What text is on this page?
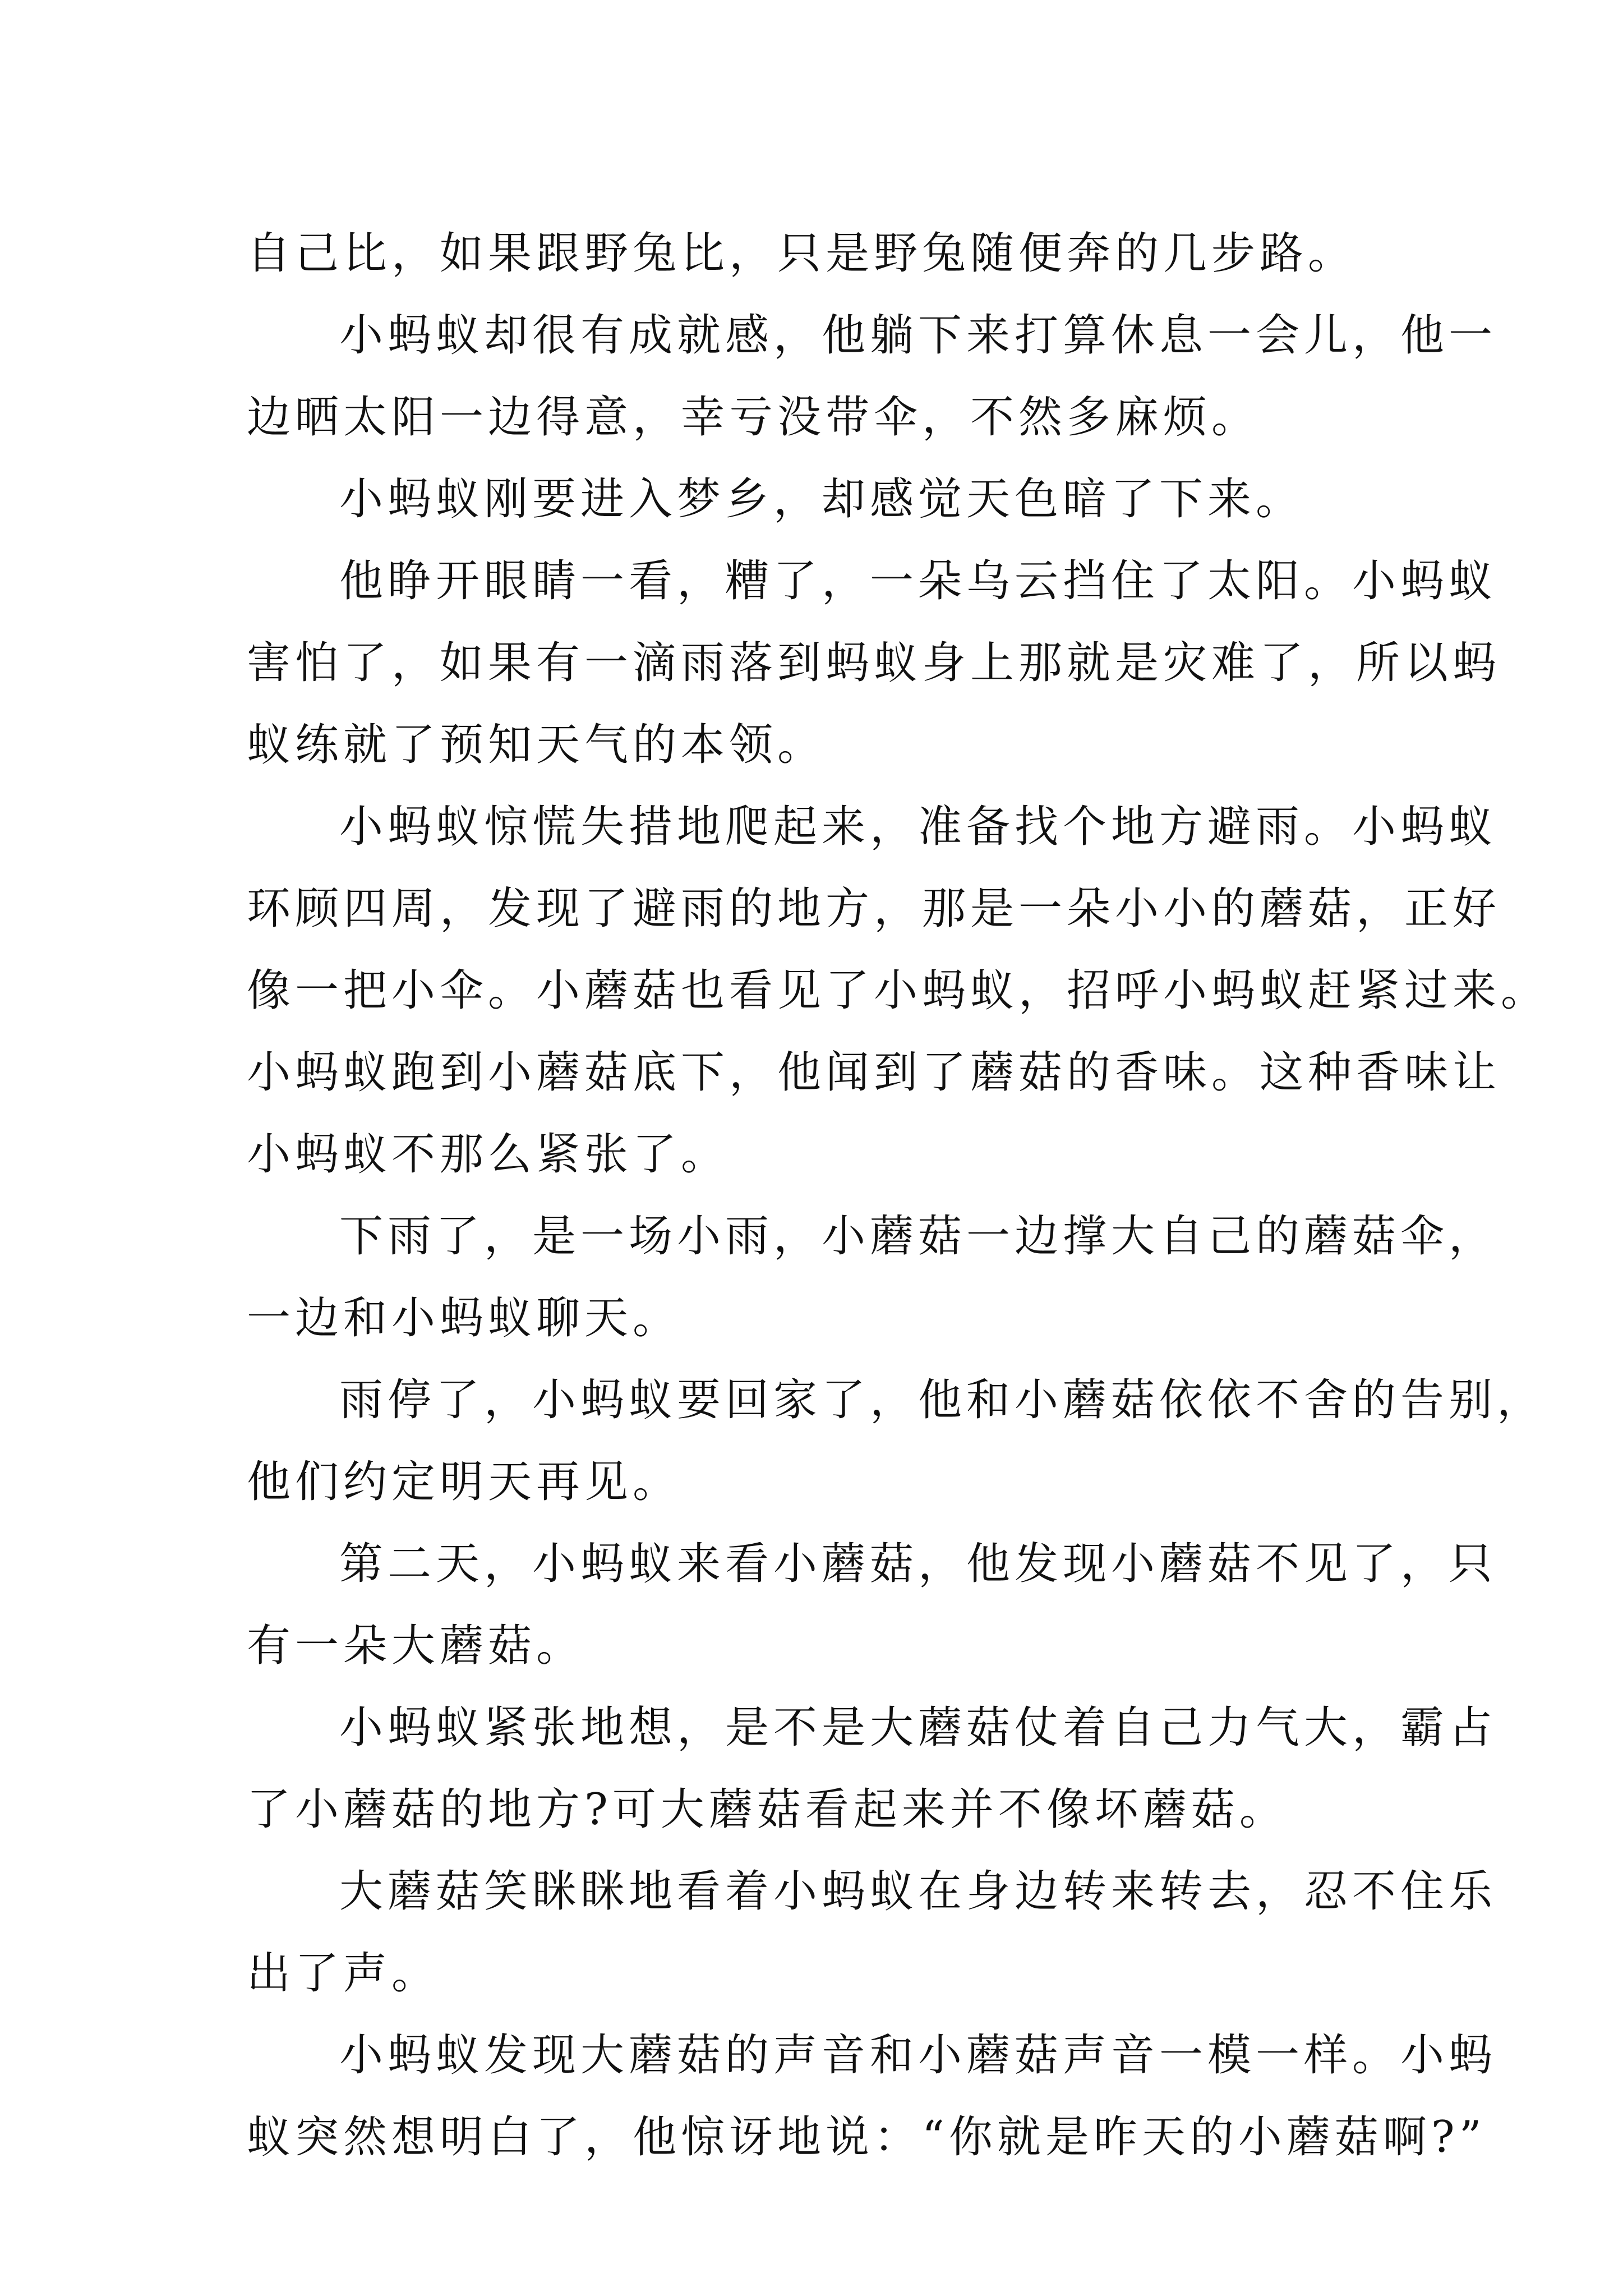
自己比，如果跟野兔比，只是野兔随便奔的几步路。
小蚂蚁却很有成就感，他躺下来打算休息一会儿，他一
边晒太阳一边得意，幸亏没带伞，不然多麻烦。
小蚂蚁刚要进入梦乡，却感觉天色暗了下来。
他睁开眼睛一看，糟了，一朵乌云挡住了太阳。小蚂蚁
害怕了，如果有一滴雨落到蚂蚁身上那就是灾难了，所以蚂
蚁练就了预知天气的本领。
小蚂蚁惊慌失措地爬起来，准备找个地方避雨。小蚂蚁
环顾四周，发现了避雨的地方，那是一朵小小的蘑菇，正好
像一把小伞。小蘑菇也看见了小蚂蚁，招呼小蚂蚁赶紧过来。
小蚂蚁跑到小蘑菇底下，他闻到了蘑菇的香味。这种香味让
小蚂蚁不那么紧张了。
下雨了，是一场小雨，小蘑菇一边撑大自己的蘑菇伞，
一边和小蚂蚁聊天。
雨停了，小蚂蚁要回家了，他和小蘑菇依依不舍的告别，
他们约定明天再见。
第二天，小蚂蚁来看小蘑菇，他发现小蘑菇不见了，只
有一朵大蘑菇。
小蚂蚁紧张地想，是不是大蘑菇仗着自己力气大，霸占
了小蘑菇的地方?可大蘑菇看起来并不像坏蘑菇。
大蘑菇笑眯眯地看着小蚂蚁在身边转来转去，忍不住乐
出了声。
小蚂蚁发现大蘑菇的声音和小蘑菇声音一模一样。小蚂
蚁突然想明白了，他惊讶地说：“你就是昨天的小蘑菇啊?”
